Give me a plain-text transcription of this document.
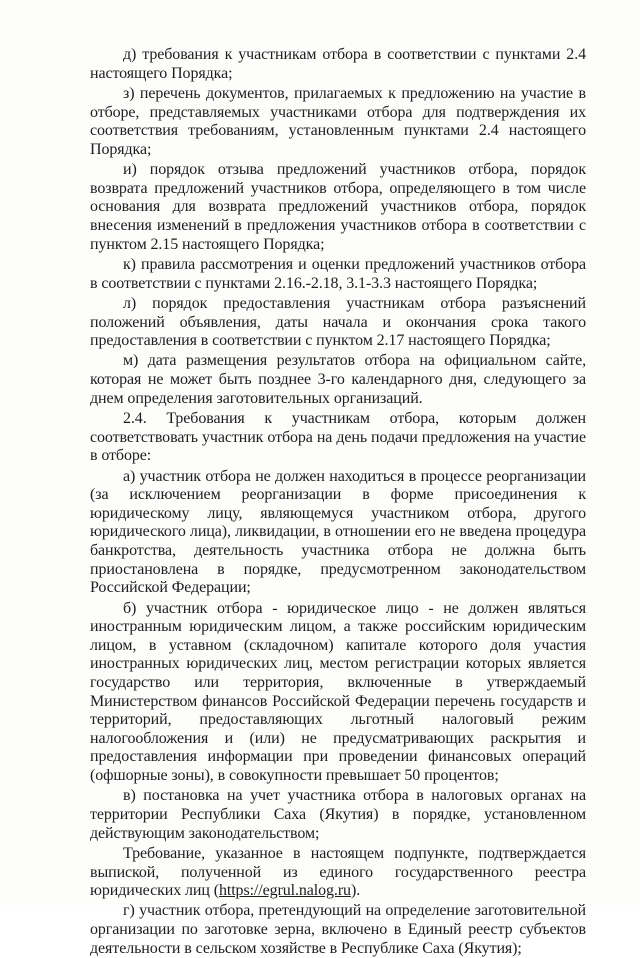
д) требования к участникам отбора в соответствии с пунктами 2.4 настоящего Порядка;

з) перечень документов, прилагаемых к предложению на участие в отборе, представляемых участниками отбора для подтверждения их соответствия требованиям, установленным пунктами 2.4 настоящего Порядка;

и) порядок отзыва предложений участников отбора, порядок возврата предложений участников отбора, определяющего в том числе основания для возврата предложений участников отбора, порядок внесения изменений в предложения участников отбора в соответствии с пунктом 2.15 настоящего Порядка;

к) правила рассмотрения и оценки предложений участников отбора в соответствии с пунктами 2.16.-2.18, 3.1-3.3 настоящего Порядка;

л) порядок предоставления участникам отбора разъяснений положений объявления, даты начала и окончания срока такого предоставления в соответствии с пунктом 2.17 настоящего Порядка;

м) дата размещения результатов отбора на официальном сайте, которая не может быть позднее 3-го календарного дня, следующего за днем определения заготовительных организаций.

2.4. Требования к участникам отбора, которым должен соответствовать участник отбора на день подачи предложения на участие в отборе:

а) участник отбора не должен находиться в процессе реорганизации (за исключением реорганизации в форме присоединения к юридическому лицу, являющемуся участником отбора, другого юридического лица), ликвидации, в отношении его не введена процедура банкротства, деятельность участника отбора не должна быть приостановлена в порядке, предусмотренном законодательством Российской Федерации;

б) участник отбора - юридическое лицо - не должен являться иностранным юридическим лицом, а также российским юридическим лицом, в уставном (складочном) капитале которого доля участия иностранных юридических лиц, местом регистрации которых является государство или территория, включенные в утверждаемый Министерством финансов Российской Федерации перечень государств и территорий, предоставляющих льготный налоговый режим налогообложения и (или) не предусматривающих раскрытия и предоставления информации при проведении финансовых операций (офшорные зоны), в совокупности превышает 50 процентов;

в) постановка на учет участника отбора в налоговых органах на территории Республики Саха (Якутия) в порядке, установленном действующим законодательством;

Требование, указанное в настоящем подпункте, подтверждается выпиской, полученной из единого государственного реестра юридических лиц (https://egrul.nalog.ru).

г) участник отбора, претендующий на определение заготовительной организации по заготовке зерна, включено в Единый реестр субъектов деятельности в сельском хозяйстве в Республике Саха (Якутия);
